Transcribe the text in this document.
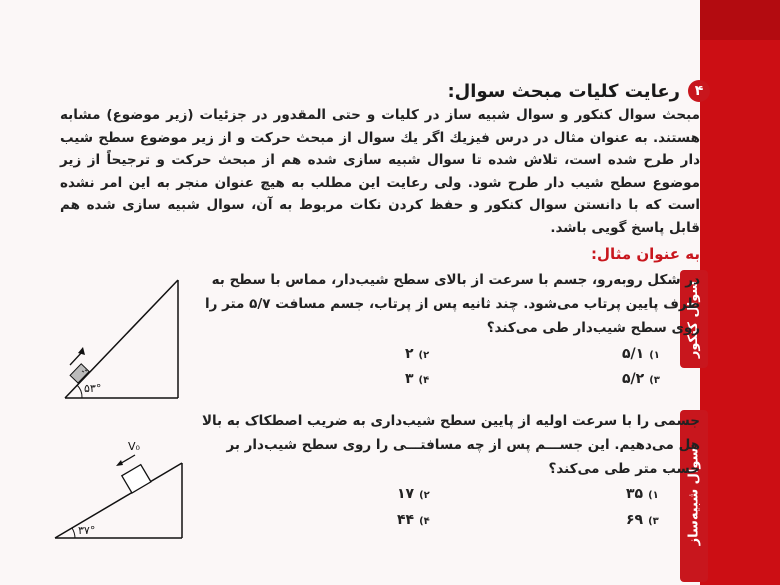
۴
رعایت کلیات مبحث سوال:
مبحث سوال کنکور و سوال شبیه ساز در کلیات و حتی المقدور در جزئیات (زیر موضوع) مشابه هستند. به عنوان مثال در درس فیزیك اگر یك سوال از مبحث حرکت و از زیر موضوع سطح شیب دار طرح شده است، تلاش شده تا سوال شبیه سازی شده هم از مبحث حرکت و ترجیحاً از زیر موضوع سطح شیب دار طرح شود. ولی رعایت این مطلب به هیچ عنوان منجر به این امر نشده است که با دانستن سوال کنکور و حفظ کردن نکات مربوط به آن، سوال شبیه سازی شده هم قابل پاسخ گویی باشد.
به عنوان مثال:
سوال کنکور
در شکل روبه‌رو، جسم با سرعت از بالای سطح شیب‌دار، مماس با سطح به طرف پایین پرتاب می‌شود. چند ثانیه پس از پرتاب، جسم مسافت ۵/۷ متر را روی سطح شیب‌دار طی می‌کند؟
۱)۵/۱
۲)۲
۳)۵/۲
۴)۳
۵۳°
سوال شبیه‌ساز
جسمی را با سرعت اولیه از پایین سطح شیب‌داری به ضریب اصطکاک به بالا هل می‌دهیم. این جســـم پس از چه مسافتـــی را روی سطح شیب‌دار بر حسب متر طی می‌کند؟
۱)۳۵
۲)۱۷
۳)۶۹
۴)۴۴
V₀
۳۷°
